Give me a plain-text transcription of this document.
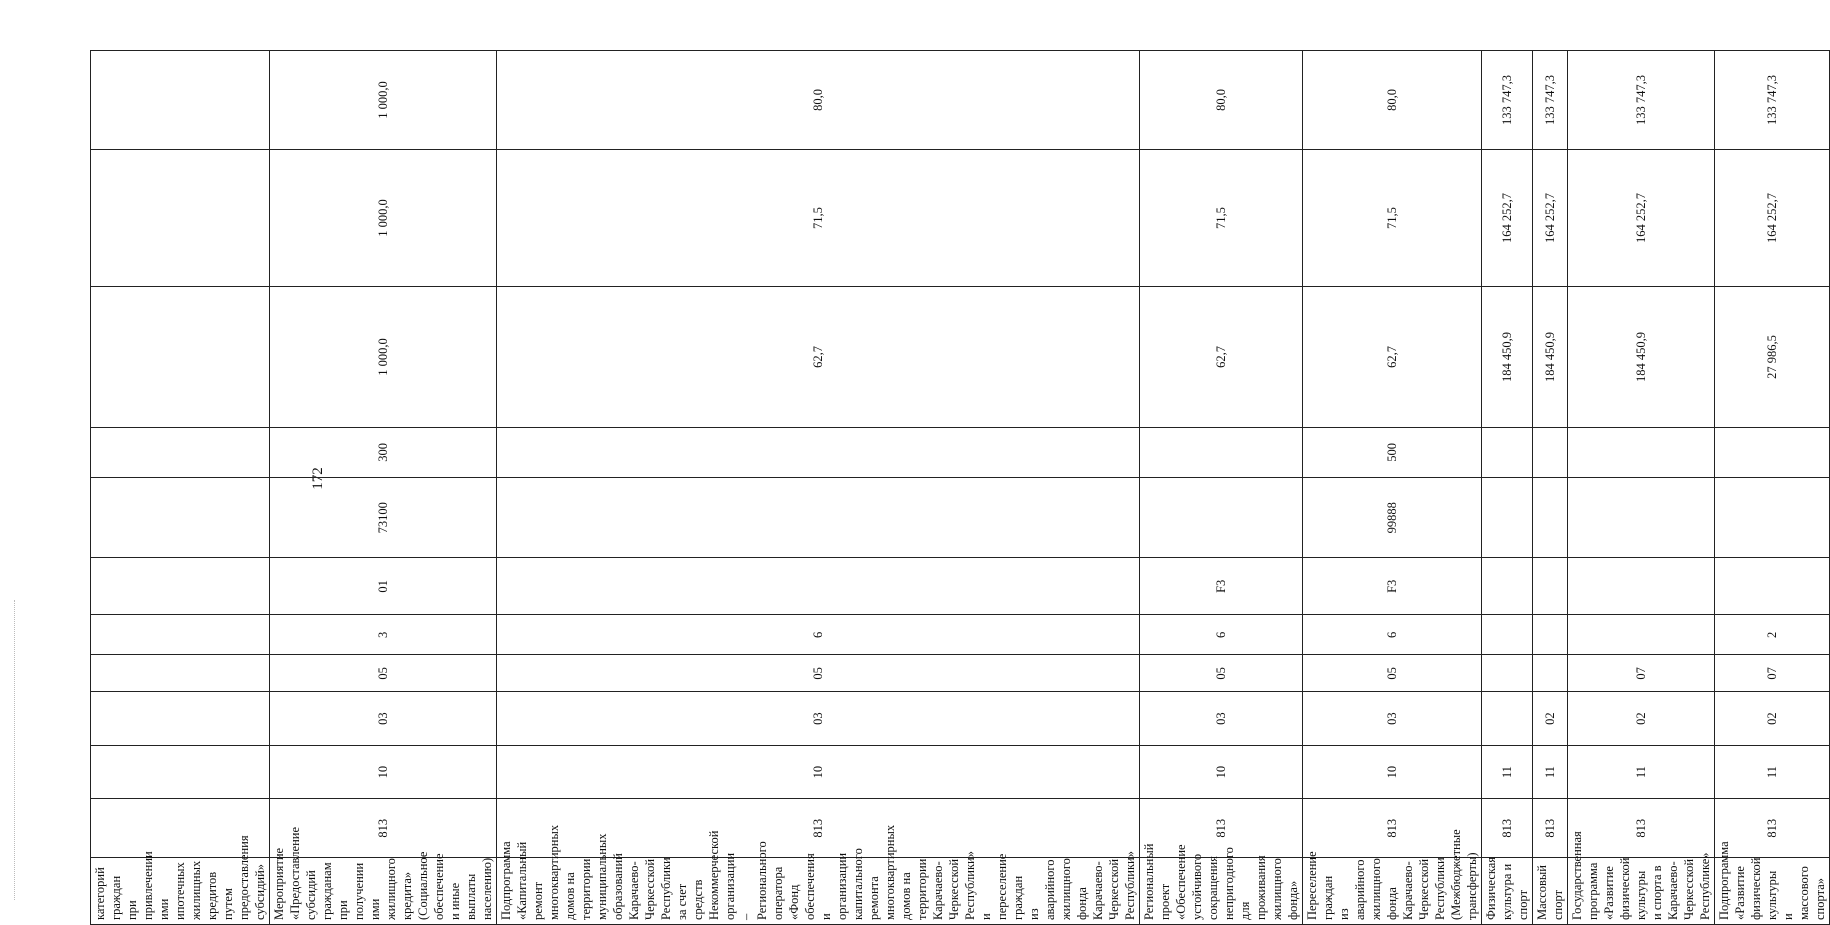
172
категорий граждан при привлечении ими ипотечных жилищных кредитов путем предоставления субсидий»											
Мероприятие «Предоставление субсидий гражданам при получении ими жилищного кредита» (Социальное обеспечение и иные выплаты населению)	813	10	03	05	3	01	73100	300	1 000,0	1 000,0	1 000,0
Подпрограмма «Капитальный ремонт многоквартирных домов на территории муниципальных образований Карачаево-Черкесской Республики за счет средств Некоммерческой организации – Регионального оператора «Фонд обеспечения и организации капитального ремонта многоквартирных домов на территории Карачаево-Черкесской Республики» и переселение граждан из аварийного жилищного фонда Карачаево-Черкесской Республики»	813	10	03	05	6				62,7	71,5	80,0
Региональный проект «Обеспечение устойчивого сокращения непригодного для проживания жилищного фонда»	813	10	03	05	6	F3			62,7	71,5	80,0
Переселение граждан из аварийного жилищного фонда Карачаево-Черкесской Республики (Межбюджетные трансферты)	813	10	03	05	6	F3	99888	500	62,7	71,5	80,0
Физическая культура и спорт	813	11							184 450,9	164 252,7	133 747,3
Массовый спорт	813	11	02						184 450,9	164 252,7	133 747,3
Государственная программа «Развитие физической культуры и спорта в Карачаево-Черкесской Республике»	813	11	02	07					184 450,9	164 252,7	133 747,3
Подпрограмма «Развитие физической культуры и массового спорта»	813	11	02	07	2				27 986,5	164 252,7	133 747,3
